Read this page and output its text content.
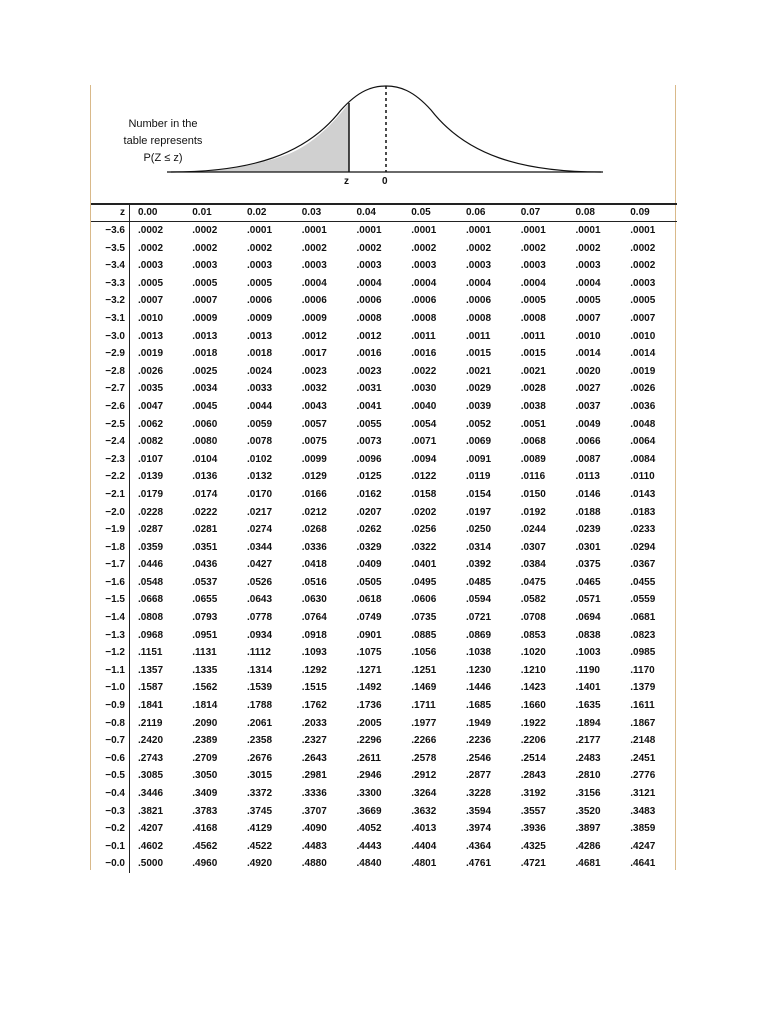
Number in the
table represents
P(Z ≤ z)
z	0
z	0.00	0.01	0.02	0.03	0.04	0.05	0.06	0.07	0.08	0.09
−3.6	.0002	.0002	.0001	.0001	.0001	.0001	.0001	.0001	.0001	.0001
−3.5	.0002	.0002	.0002	.0002	.0002	.0002	.0002	.0002	.0002	.0002
−3.4	.0003	.0003	.0003	.0003	.0003	.0003	.0003	.0003	.0003	.0002
−3.3	.0005	.0005	.0005	.0004	.0004	.0004	.0004	.0004	.0004	.0003
−3.2	.0007	.0007	.0006	.0006	.0006	.0006	.0006	.0005	.0005	.0005
−3.1	.0010	.0009	.0009	.0009	.0008	.0008	.0008	.0008	.0007	.0007
−3.0	.0013	.0013	.0013	.0012	.0012	.0011	.0011	.0011	.0010	.0010
−2.9	.0019	.0018	.0018	.0017	.0016	.0016	.0015	.0015	.0014	.0014
−2.8	.0026	.0025	.0024	.0023	.0023	.0022	.0021	.0021	.0020	.0019
−2.7	.0035	.0034	.0033	.0032	.0031	.0030	.0029	.0028	.0027	.0026
−2.6	.0047	.0045	.0044	.0043	.0041	.0040	.0039	.0038	.0037	.0036
−2.5	.0062	.0060	.0059	.0057	.0055	.0054	.0052	.0051	.0049	.0048
−2.4	.0082	.0080	.0078	.0075	.0073	.0071	.0069	.0068	.0066	.0064
−2.3	.0107	.0104	.0102	.0099	.0096	.0094	.0091	.0089	.0087	.0084
−2.2	.0139	.0136	.0132	.0129	.0125	.0122	.0119	.0116	.0113	.0110
−2.1	.0179	.0174	.0170	.0166	.0162	.0158	.0154	.0150	.0146	.0143
−2.0	.0228	.0222	.0217	.0212	.0207	.0202	.0197	.0192	.0188	.0183
−1.9	.0287	.0281	.0274	.0268	.0262	.0256	.0250	.0244	.0239	.0233
−1.8	.0359	.0351	.0344	.0336	.0329	.0322	.0314	.0307	.0301	.0294
−1.7	.0446	.0436	.0427	.0418	.0409	.0401	.0392	.0384	.0375	.0367
−1.6	.0548	.0537	.0526	.0516	.0505	.0495	.0485	.0475	.0465	.0455
−1.5	.0668	.0655	.0643	.0630	.0618	.0606	.0594	.0582	.0571	.0559
−1.4	.0808	.0793	.0778	.0764	.0749	.0735	.0721	.0708	.0694	.0681
−1.3	.0968	.0951	.0934	.0918	.0901	.0885	.0869	.0853	.0838	.0823
−1.2	.1151	.1131	.1112	.1093	.1075	.1056	.1038	.1020	.1003	.0985
−1.1	.1357	.1335	.1314	.1292	.1271	.1251	.1230	.1210	.1190	.1170
−1.0	.1587	.1562	.1539	.1515	.1492	.1469	.1446	.1423	.1401	.1379
−0.9	.1841	.1814	.1788	.1762	.1736	.1711	.1685	.1660	.1635	.1611
−0.8	.2119	.2090	.2061	.2033	.2005	.1977	.1949	.1922	.1894	.1867
−0.7	.2420	.2389	.2358	.2327	.2296	.2266	.2236	.2206	.2177	.2148
−0.6	.2743	.2709	.2676	.2643	.2611	.2578	.2546	.2514	.2483	.2451
−0.5	.3085	.3050	.3015	.2981	.2946	.2912	.2877	.2843	.2810	.2776
−0.4	.3446	.3409	.3372	.3336	.3300	.3264	.3228	.3192	.3156	.3121
−0.3	.3821	.3783	.3745	.3707	.3669	.3632	.3594	.3557	.3520	.3483
−0.2	.4207	.4168	.4129	.4090	.4052	.4013	.3974	.3936	.3897	.3859
−0.1	.4602	.4562	.4522	.4483	.4443	.4404	.4364	.4325	.4286	.4247
−0.0	.5000	.4960	.4920	.4880	.4840	.4801	.4761	.4721	.4681	.4641
